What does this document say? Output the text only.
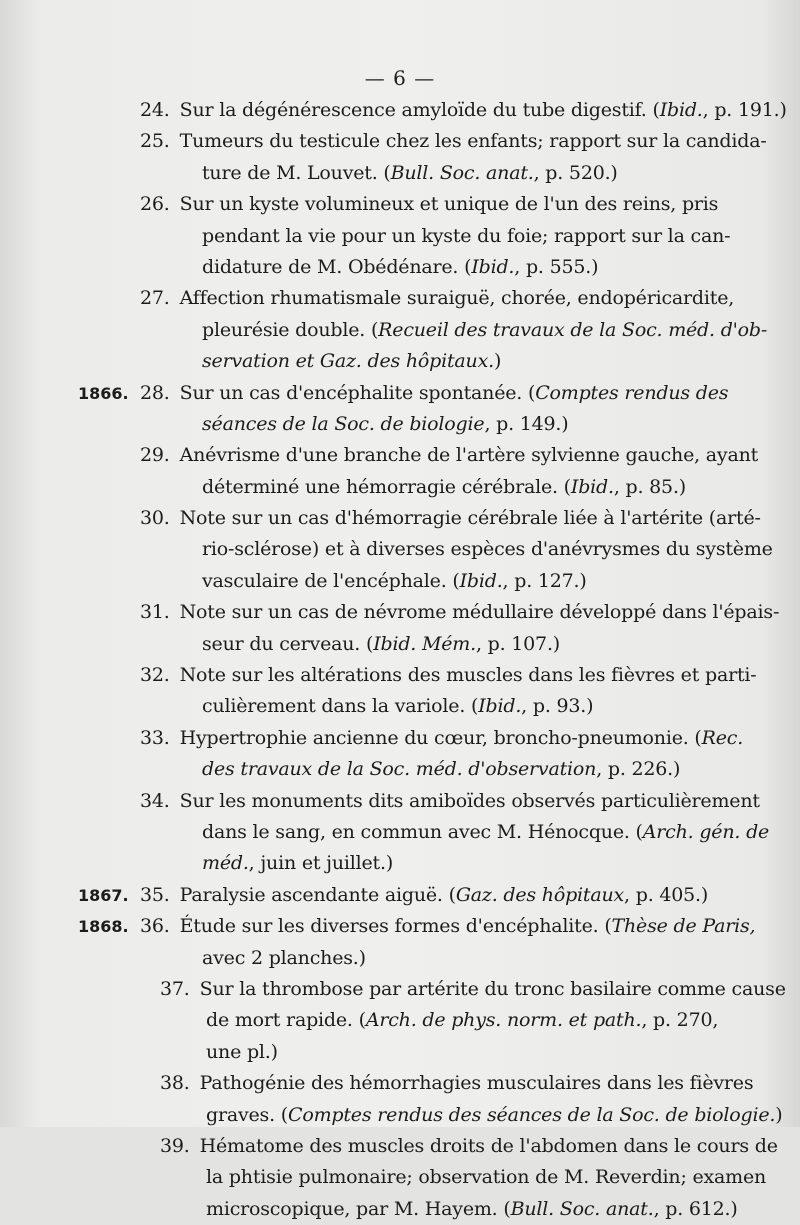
— 6 —
24. Sur la dégénérescence amyloïde du tube digestif. (Ibid., p. 191.)
25. Tumeurs du testicule chez les enfants; rapport sur la candida-
ture de M. Louvet. (Bull. Soc. anat., p. 520.)
26. Sur un kyste volumineux et unique de l'un des reins, pris
pendant la vie pour un kyste du foie; rapport sur la can-
didature de M. Obédénare. (Ibid., p. 555.)
27. Affection rhumatismale suraiguë, chorée, endopéricardite,
pleurésie double. (Recueil des travaux de la Soc. méd. d'ob-
servation et Gaz. des hôpitaux.)
1866. 28. Sur un cas d'encéphalite spontanée. (Comptes rendus des
séances de la Soc. de biologie, p. 149.)
29. Anévrisme d'une branche de l'artère sylvienne gauche, ayant
déterminé une hémorragie cérébrale. (Ibid., p. 85.)
30. Note sur un cas d'hémorragie cérébrale liée à l'artérite (arté-
rio-sclérose) et à diverses espèces d'anévrysmes du système
vasculaire de l'encéphale. (Ibid., p. 127.)
31. Note sur un cas de névrome médullaire développé dans l'épais-
seur du cerveau. (Ibid. Mém., p. 107.)
32. Note sur les altérations des muscles dans les fièvres et parti-
culièrement dans la variole. (Ibid., p. 93.)
33. Hypertrophie ancienne du cœur, broncho-pneumonie. (Rec.
des travaux de la Soc. méd. d'observation, p. 226.)
34. Sur les monuments dits amiboïdes observés particulièrement
dans le sang, en commun avec M. Hénocque. (Arch. gén. de
méd., juin et juillet.)
1867. 35. Paralysie ascendante aiguë. (Gaz. des hôpitaux, p. 405.)
1868. 36. Étude sur les diverses formes d'encéphalite. (Thèse de Paris,
avec 2 planches.)
37. Sur la thrombose par artérite du tronc basilaire comme cause
de mort rapide. (Arch. de phys. norm. et path., p. 270,
une pl.)
38. Pathogénie des hémorrhagies musculaires dans les fièvres
graves. (Comptes rendus des séances de la Soc. de biologie.)
39. Hématome des muscles droits de l'abdomen dans le cours de
la phtisie pulmonaire; observation de M. Reverdin; examen
microscopique, par M. Hayem. (Bull. Soc. anat., p. 612.)
